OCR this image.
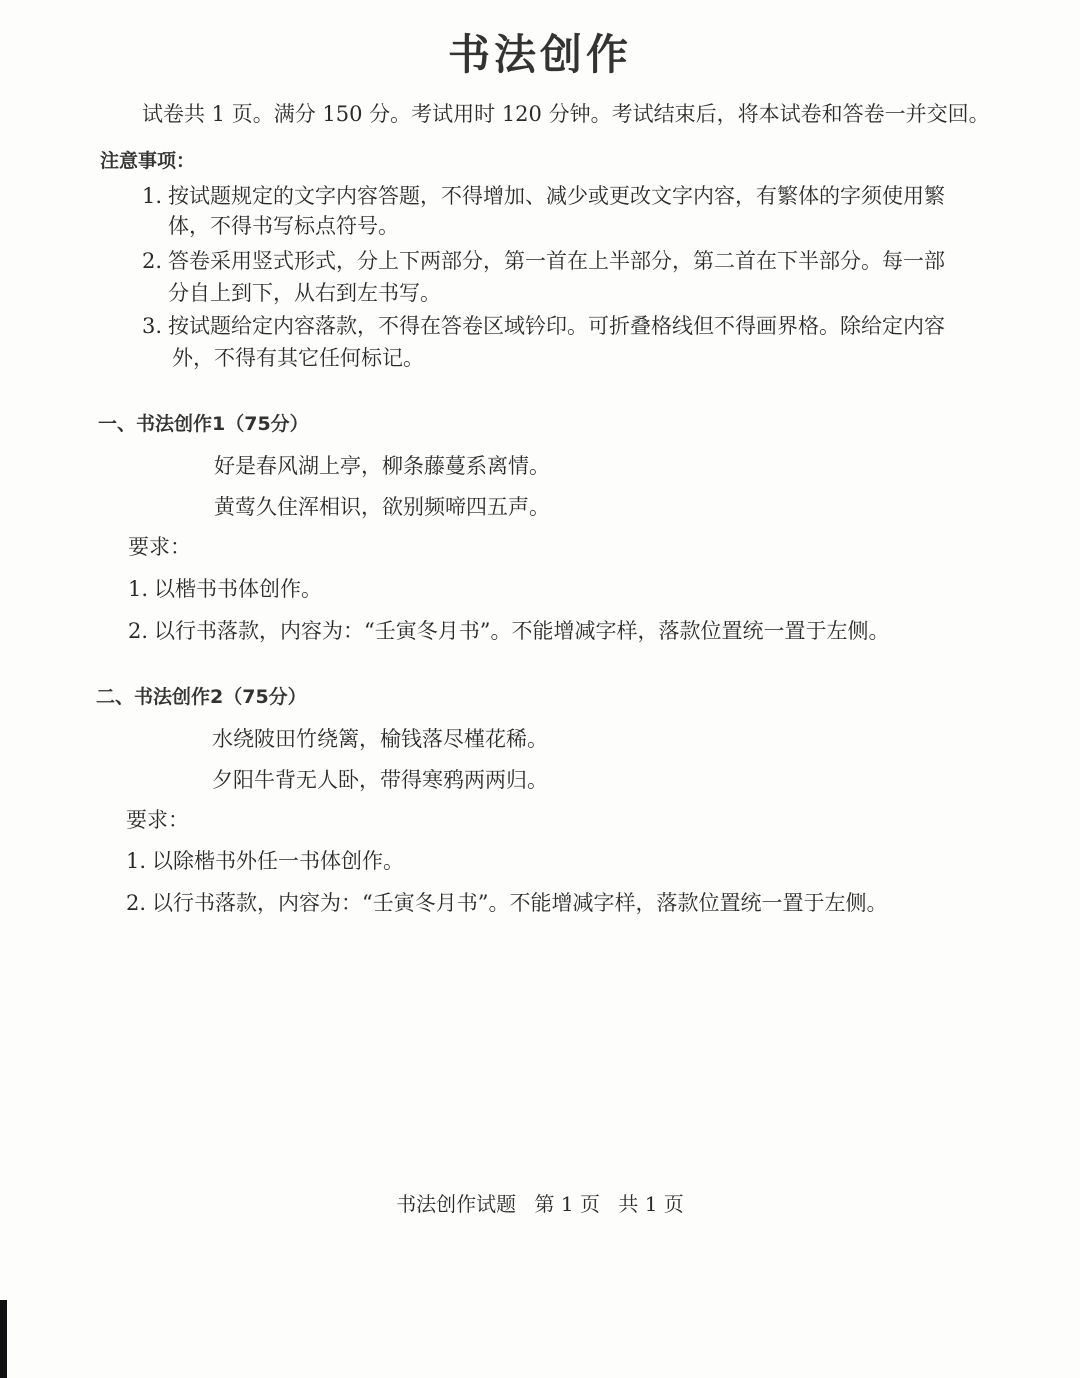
书法创作
试卷共 1 页。满分 150 分。考试用时 120 分钟。考试结束后，将本试卷和答卷一并交回。
注意事项：
1. 按试题规定的文字内容答题，不得增加、减少或更改文字内容，有繁体的字须使用繁
体，不得书写标点符号。
2. 答卷采用竖式形式，分上下两部分，第一首在上半部分，第二首在下半部分。每一部
分自上到下，从右到左书写。
3. 按试题给定内容落款，不得在答卷区域钤印。可折叠格线但不得画界格。除给定内容
外，不得有其它任何标记。
一、书法创作1（75分）
好是春风湖上亭，柳条藤蔓系离情。
黄莺久住浑相识，欲别频啼四五声。
要求：
1. 以楷书书体创作。
2. 以行书落款，内容为：“壬寅冬月书”。不能增减字样，落款位置统一置于左侧。
二、书法创作2（75分）
水绕陂田竹绕篱，榆钱落尽槿花稀。
夕阳牛背无人卧，带得寒鸦两两归。
要求：
1. 以除楷书外任一书体创作。
2. 以行书落款，内容为：“壬寅冬月书”。不能增减字样，落款位置统一置于左侧。
书法创作试题 第 1 页 共 1 页
